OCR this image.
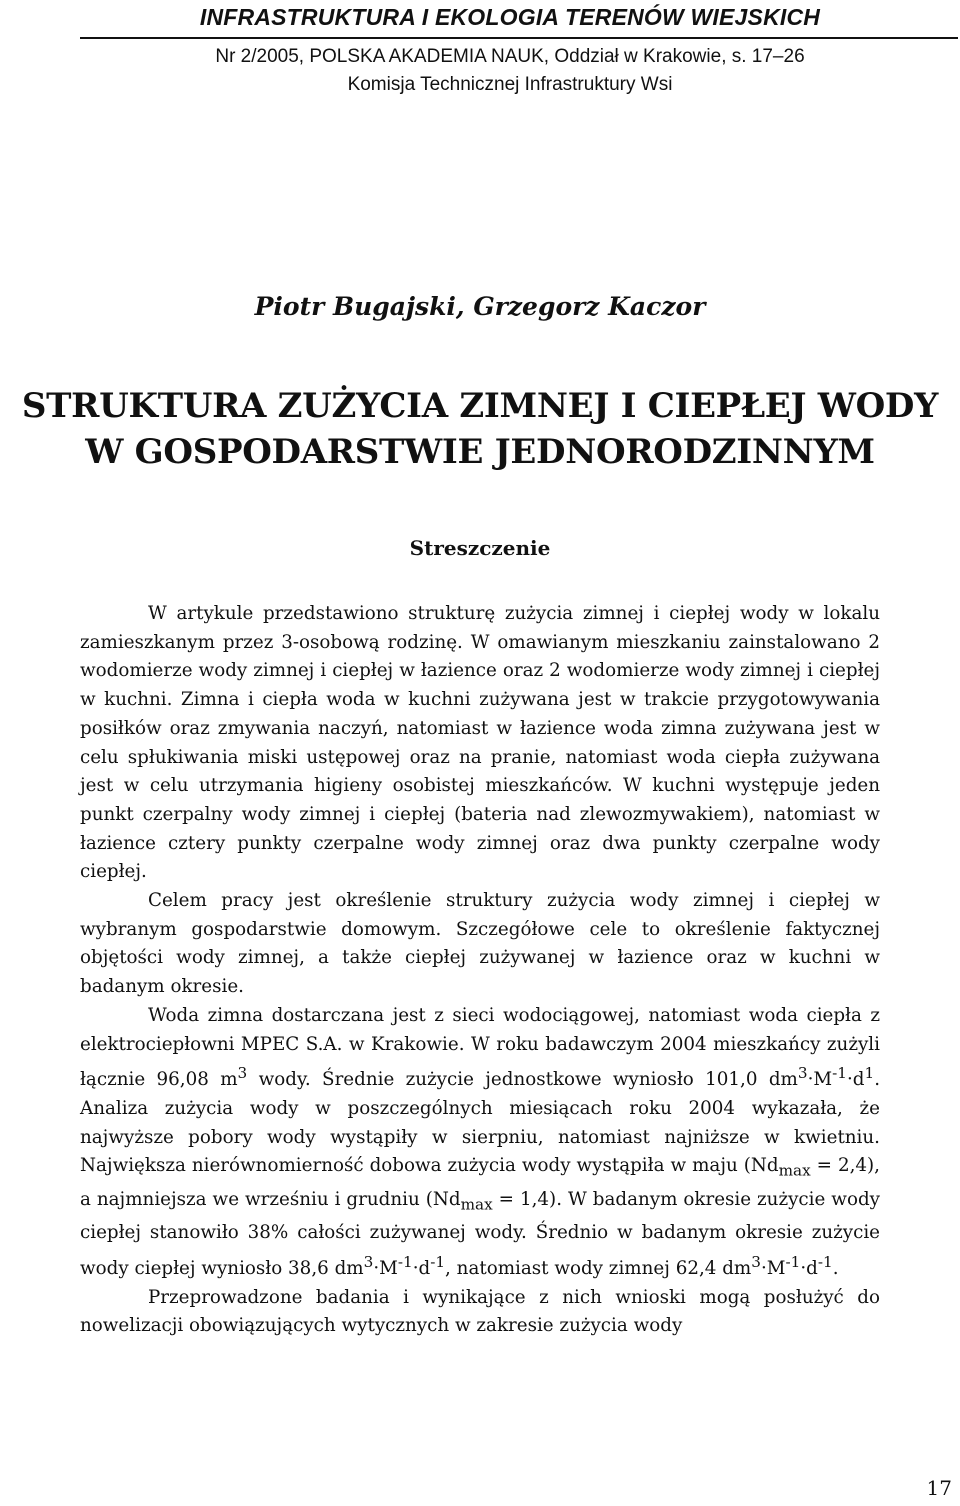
INFRASTRUKTURA I EKOLOGIA TERENÓW WIEJSKICH
Nr 2/2005, POLSKA AKADEMIA NAUK, Oddział w Krakowie, s. 17–26
Komisja Technicznej Infrastruktury Wsi
Piotr Bugajski, Grzegorz Kaczor
STRUKTURA ZUŻYCIA ZIMNEJ I CIEPŁEJ WODY
W GOSPODARSTWIE JEDNORODZINNYM
Streszczenie

W artykule przedstawiono strukturę zużycia zimnej i ciepłej wody w lokalu zamieszkanym przez 3-osobową rodzinę. W omawianym mieszkaniu zainstalowano 2 wodomierze wody zimnej i ciepłej w łazience oraz 2 wodomierze wody zimnej i ciepłej w kuchni. Zimna i ciepła woda w kuchni zużywana jest w trakcie przygotowywania posiłków oraz zmywania naczyń, natomiast w łazience woda zimna zużywana jest w celu spłukiwania miski ustępowej oraz na pranie, natomiast woda ciepła zużywana jest w celu utrzymania higieny osobistej mieszkańców. W kuchni występuje jeden punkt czerpalny wody zimnej i ciepłej (bateria nad zlewozmywakiem), natomiast w łazience cztery punkty czerpalne wody zimnej oraz dwa punkty czerpalne wody ciepłej.

Celem pracy jest określenie struktury zużycia wody zimnej i ciepłej w wybranym gospodarstwie domowym. Szczegółowe cele to określenie faktycznej objętości wody zimnej, a także ciepłej zużywanej w łazience oraz w kuchni w badanym okresie.

Woda zimna dostarczana jest z sieci wodociągowej, natomiast woda ciepła z elektrociepłowni MPEC S.A. w Krakowie. W roku badawczym 2004 mieszkańcy zużyli łącznie 96,08 $m^3$ wody. Średnie zużycie jednostkowe wyniosło 101,0 $dm^3\cdot M^{-1}\cdot d^1$. Analiza zużycia wody w poszczególnych miesiącach roku 2004 wykazała, że najwyższe pobory wody wystąpiły w sierpniu, natomiast najniższe w kwietniu. Największa nierównomierność dobowa zużycia wody wystąpiła w maju $(Nd_{max} = 2,4)$, a najmniejsza we wrześniu i grudniu $(Nd_{max} = 1,4)$. W badanym okresie zużycie wody ciepłej stanowiło 38% całości zużywanej wody. Średnio w badanym okresie zużycie wody ciepłej wyniosło 38,6 $dm^3\cdot M^{-1}\cdot d^{-1}$, natomiast wody zimnej 62,4 $dm^3\cdot M^{-1}\cdot d^{-1}$.

Przeprowadzone badania i wynikające z nich wnioski mogą posłużyć do nowelizacji obowiązujących wytycznych w zakresie zużycia wody

17
